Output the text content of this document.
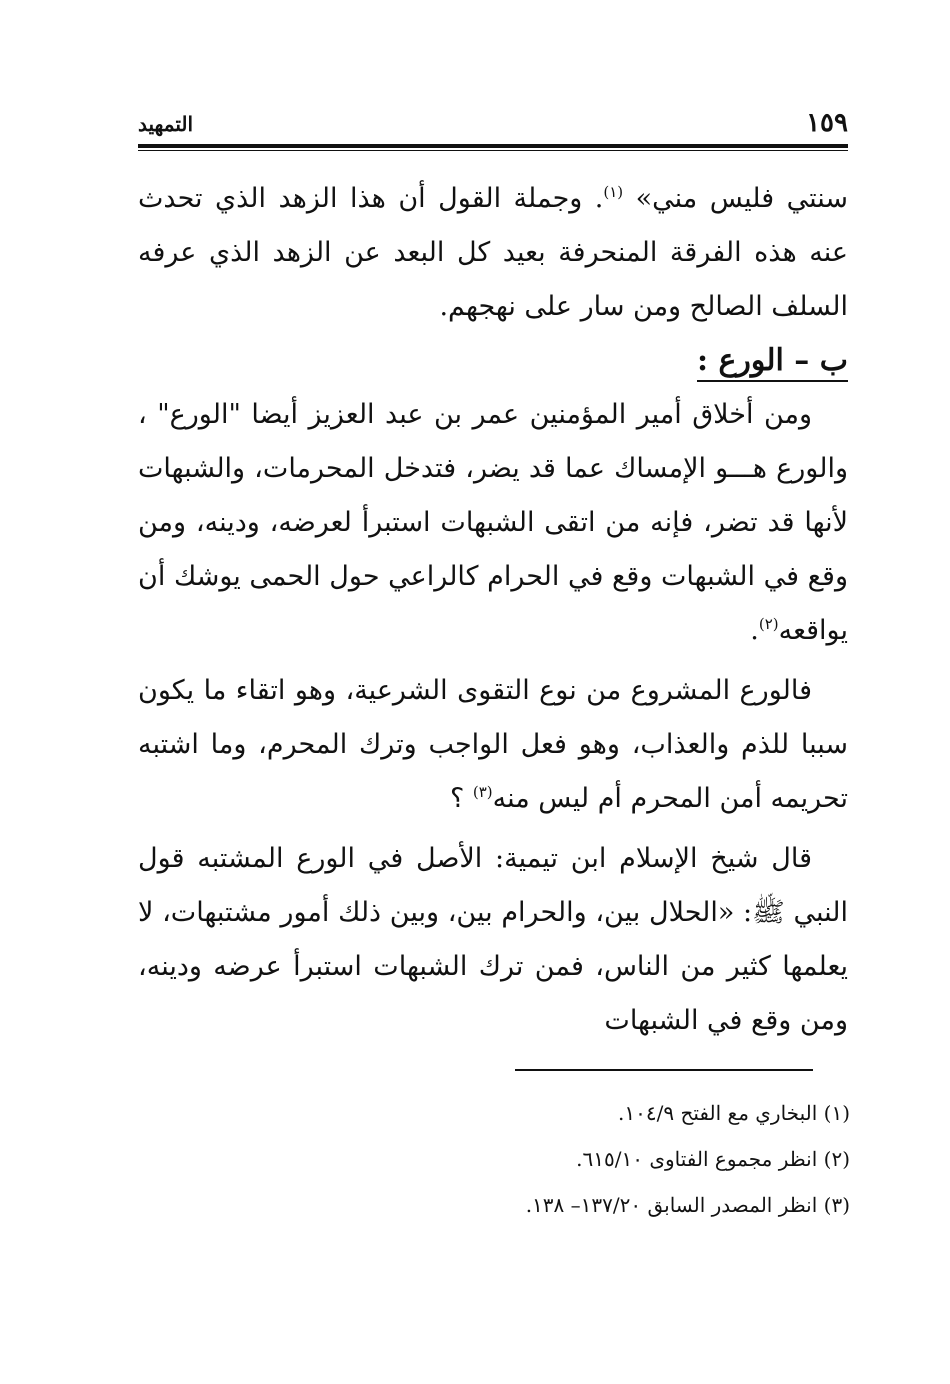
١٥٩
التمهيد

سنتي فليس مني» $^{(١)}$. وجملة القول أن هذا الزهد الذي تحدث عنه هذه الفرقة المنحرفة بعيد كل البعد عن الزهد الذي عرفه السلف الصالح ومن سار على نهجهم.

ب – الورع :

ومن أخلاق أمير المؤمنين عمر بن عبد العزيز أيضا "الورع" ، والورع هـــو الإمساك عما قد يضر، فتدخل المحرمات، والشبهات لأنها قد تضر، فإنه من اتقى الشبهات استبرأ لعرضه، ودينه، ومن وقع في الشبهات وقع في الحرام كالراعي حول الحمى يوشك أن يواقعه$^{(٢)}$.

فالورع المشروع من نوع التقوى الشرعية، وهو اتقاء ما يكون سببا للذم والعذاب، وهو فعل الواجب وترك المحرم، وما اشتبه تحريمه أمن المحرم أم ليس منه$^{(٣)}$ ؟

قال شيخ الإسلام ابن تيمية: الأصل في الورع المشتبه قول النبي ﷺ: «الحلال بين، والحرام بين، وبين ذلك أمور مشتبهات، لا يعلمها كثير من الناس، فمن ترك الشبهات استبرأ عرضه ودينه، ومن وقع في الشبهات

(١) البخاري مع الفتح ١٠٤/٩.

(٢) انظر مجموع الفتاوى ٦١٥/١٠.

(٣) انظر المصدر السابق ١٣٧/٢٠– ١٣٨.
